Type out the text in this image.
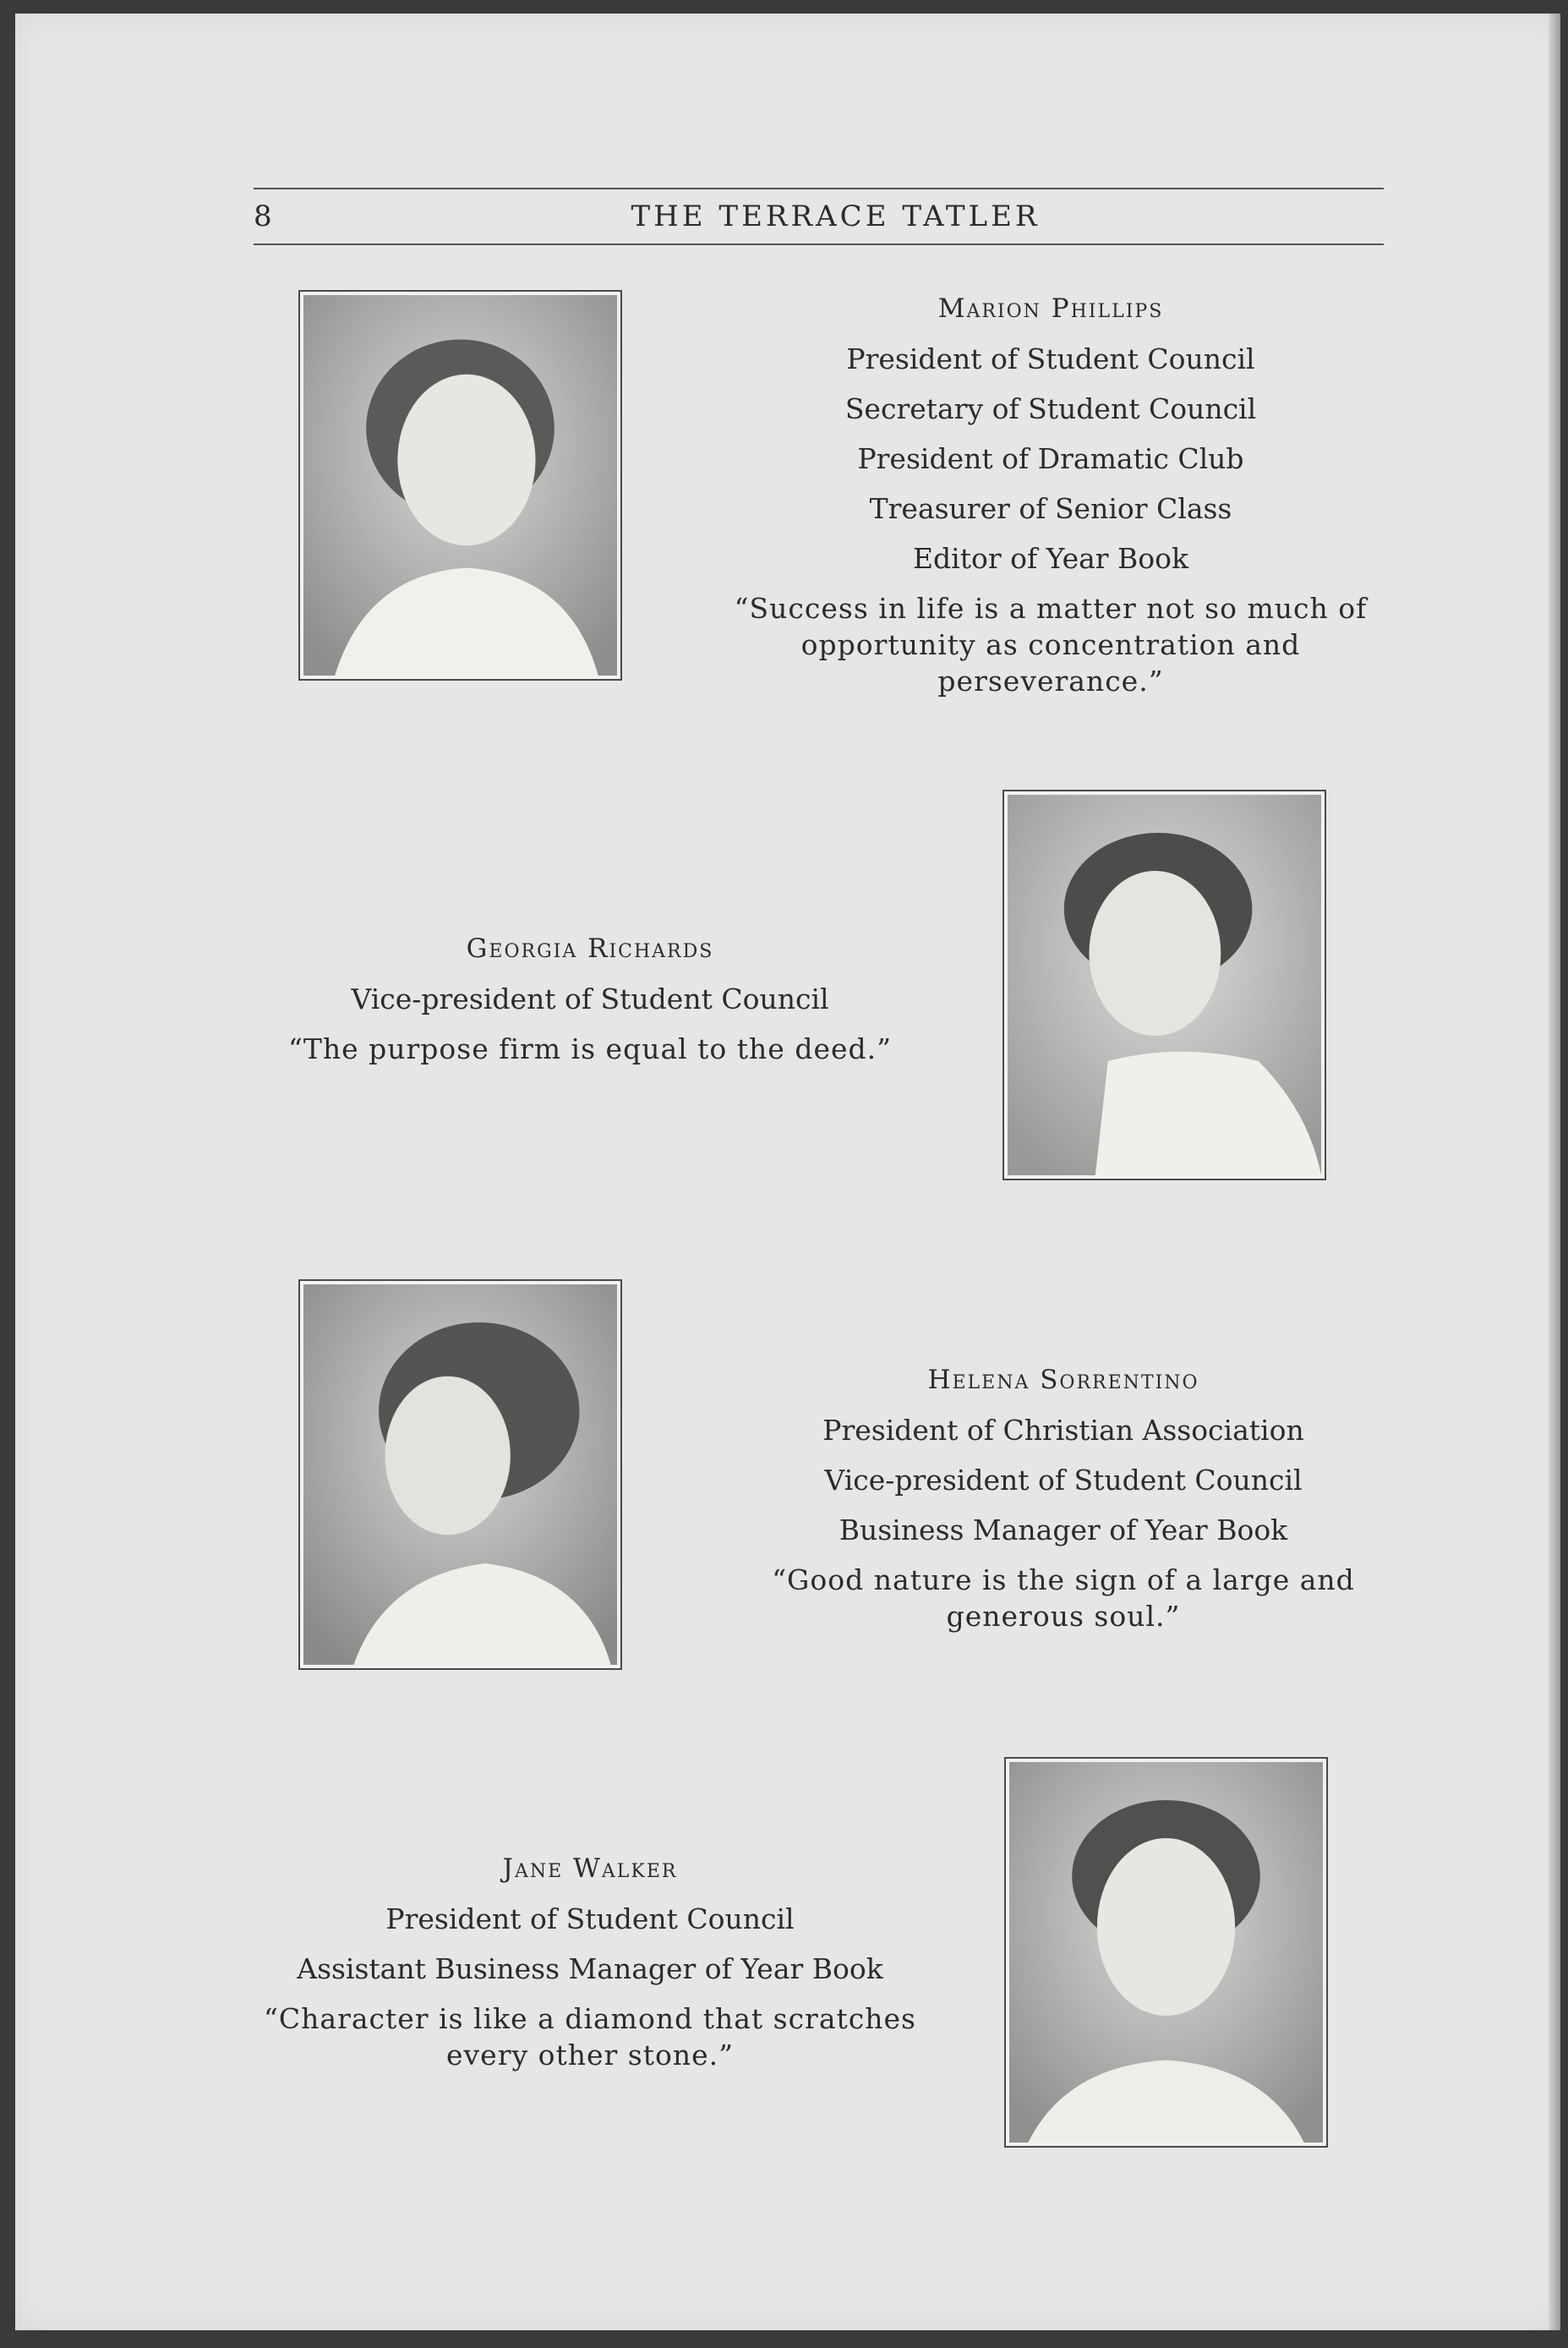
8	THE TERRACE TATLER
Marion Phillips
President of Student Council
Secretary of Student Council
President of Dramatic Club
Treasurer of Senior Class
Editor of Year Book
“Success in life is a matter not so much of opportunity as concentration and perseverance.”
Georgia Richards
Vice-president of Student Council
“The purpose firm is equal to the deed.”
Helena Sorrentino
President of Christian Association
Vice-president of Student Council
Business Manager of Year Book
“Good nature is the sign of a large and generous soul.”
Jane Walker
President of Student Council
Assistant Business Manager of Year Book
“Character is like a diamond that scratches every other stone.”
